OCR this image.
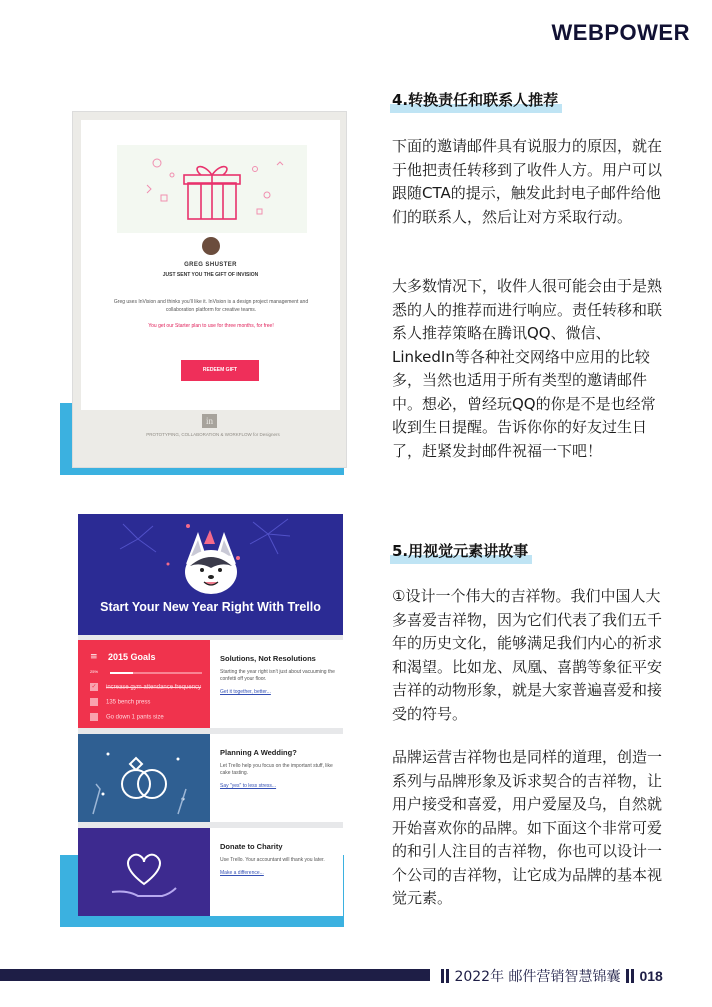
WEBPOWER
4.转换责任和联系人推荐
下面的邀请邮件具有说服力的原因，就在于他把责任转移到了收件人方。用户可以跟随CTA的提示，触发此封电子邮件给他们的联系人，然后让对方采取行动。
大多数情况下，收件人很可能会由于是熟悉的人的推荐而进行响应。责任转移和联系人推荐策略在腾讯QQ、微信、LinkedIn等各种社交网络中应用的比较多，当然也适用于所有类型的邀请邮件中。想必，曾经玩QQ的你是不是也经常收到生日提醒。告诉你你的好友过生日了，赶紧发封邮件祝福一下吧！
5.用视觉元素讲故事
①设计一个伟大的吉祥物。我们中国人大多喜爱吉祥物，因为它们代表了我们五千年的历史文化，能够满足我们内心的祈求和渴望。比如龙、凤凰、喜鹊等象征平安吉祥的动物形象，就是大家普遍喜爱和接受的符号。
品牌运营吉祥物也是同样的道理，创造一系列与品牌形象及诉求契合的吉祥物，让用户接受和喜爱，用户爱屋及乌，自然就开始喜欢你的品牌。如下面这个非常可爱的和引人注目的吉祥物，你也可以设计一个公司的吉祥物，让它成为品牌的基本视觉元素。
GREG SHUSTER
JUST SENT YOU THE GIFT OF INVISION
Greg uses InVision and thinks you'll like it. InVision is a design project management and collaboration platform for creative teams.
You get our Starter plan to use for three months, for free!
REDEEM GIFT
in
PROTOTYPING, COLLABORATION & WORKFLOW for Designers
Start Your New Year Right With Trello
≡ 2015 Goals
25%
✓ increase gym attendance frequency
135 bench press
Go down 1 pants size
Solutions, Not Resolutions
Starting the year right isn't just about vacuuming the confetti off your floor.
Get it together, better...
Planning A Wedding?
Let Trello help you focus on the important stuff, like cake tasting.
Say "yes" to less stress...
Donate to Charity
Use Trello. Your accountant will thank you later.
Make a difference...
2022年 邮件营销智慧锦囊 018
